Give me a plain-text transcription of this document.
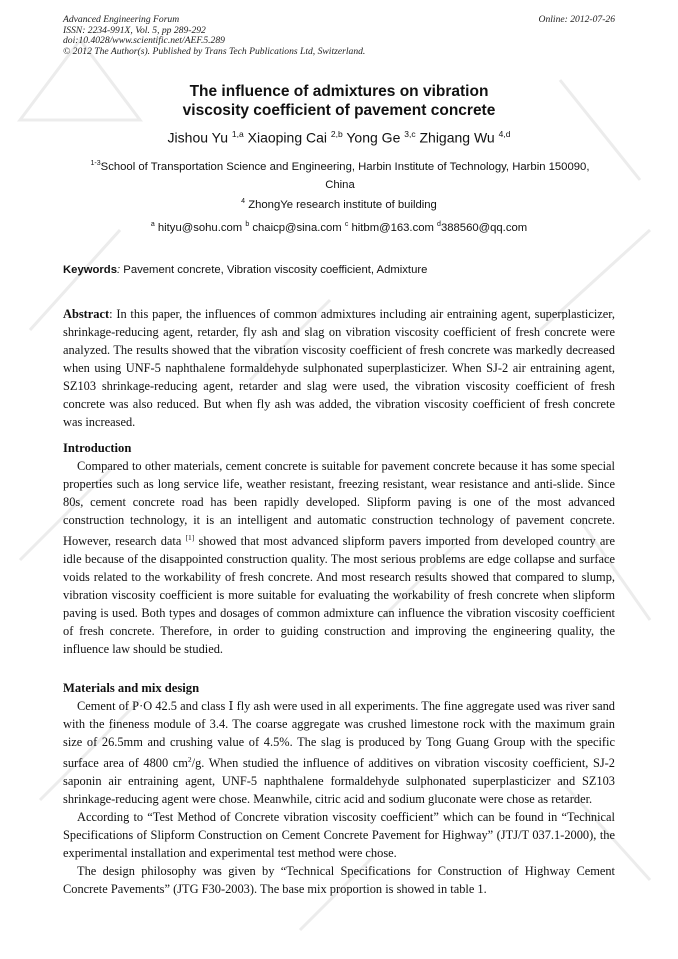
Advanced Engineering Forum
ISSN: 2234-991X, Vol. 5, pp 289-292
doi:10.4028/www.scientific.net/AEF.5.289
© 2012 The Author(s). Published by Trans Tech Publications Ltd, Switzerland.
Online: 2012-07-26
The influence of admixtures on vibration
viscosity coefficient of pavement concrete
Jishou Yu $^{1,a}$ Xiaoping Cai $^{2,b}$ Yong Ge $^{3,c}$ Zhigang Wu $^{4,d}$
$^{1-3}$School of Transportation Science and Engineering, Harbin Institute of Technology, Harbin 150090, China
$^4$ ZhongYe research institute of building
$^a$ hityu@sohu.com $^b$ chaicp@sina.com $^c$ hitbm@163.com $^d$388560@qq.com
Keywords: Pavement concrete, Vibration viscosity coefficient, Admixture

Abstract: In this paper, the influences of common admixtures including air entraining agent, superplasticizer, shrinkage-reducing agent, retarder, fly ash and slag on vibration viscosity coefficient of fresh concrete were analyzed. The results showed that the vibration viscosity coefficient of fresh concrete was markedly decreased when using UNF-5 naphthalene formaldehyde sulphonated superplasticizer. When SJ-2 air entraining agent, SZ103 shrinkage-reducing agent, retarder and slag were used, the vibration viscosity coefficient of fresh concrete was also reduced. But when fly ash was added, the vibration viscosity coefficient of fresh concrete was increased.

Introduction

Compared to other materials, cement concrete is suitable for pavement concrete because it has some special properties such as long service life, weather resistant, freezing resistant, wear resistance and anti-slide. Since 80s, cement concrete road has been rapidly developed. Slipform paving is one of the most advanced construction technology, it is an intelligent and automatic construction technology of pavement concrete. However, research data [1] showed that most advanced slipform pavers imported from developed country are idle because of the disappointed construction quality. The most serious problems are edge collapse and surface voids related to the workability of fresh concrete. And most research results showed that compared to slump, vibration viscosity coefficient is more suitable for evaluating the workability of fresh concrete when slipform paving is used. Both types and dosages of common admixture can influence the vibration viscosity coefficient of fresh concrete. Therefore, in order to guiding construction and improving the engineering quality, the influence law should be studied.

Materials and mix design

Cement of P·O 42.5 and class Ⅰ fly ash were used in all experiments. The fine aggregate used was river sand with the fineness module of 3.4. The coarse aggregate was crushed limestone rock with the maximum grain size of 26.5mm and crushing value of 4.5%. The slag is produced by Tong Guang Group with the specific surface area of 4800 $cm^2/g$. When studied the influence of additives on vibration viscosity coefficient, SJ-2 saponin air entraining agent, UNF-5 naphthalene formaldehyde sulphonated superplasticizer and SZ103 shrinkage-reducing agent were chose. Meanwhile, citric acid and sodium gluconate were chose as retarder.

According to “Test Method of Concrete vibration viscosity coefficient” which can be found in “Technical Specifications of Slipform Construction on Cement Concrete Pavement for Highway” (JTJ/T 037.1-2000), the experimental installation and experimental test method were chose.

The design philosophy was given by “Technical Specifications for Construction of Highway Cement Concrete Pavements” (JTG F30-2003). The base mix proportion is showed in table 1.
